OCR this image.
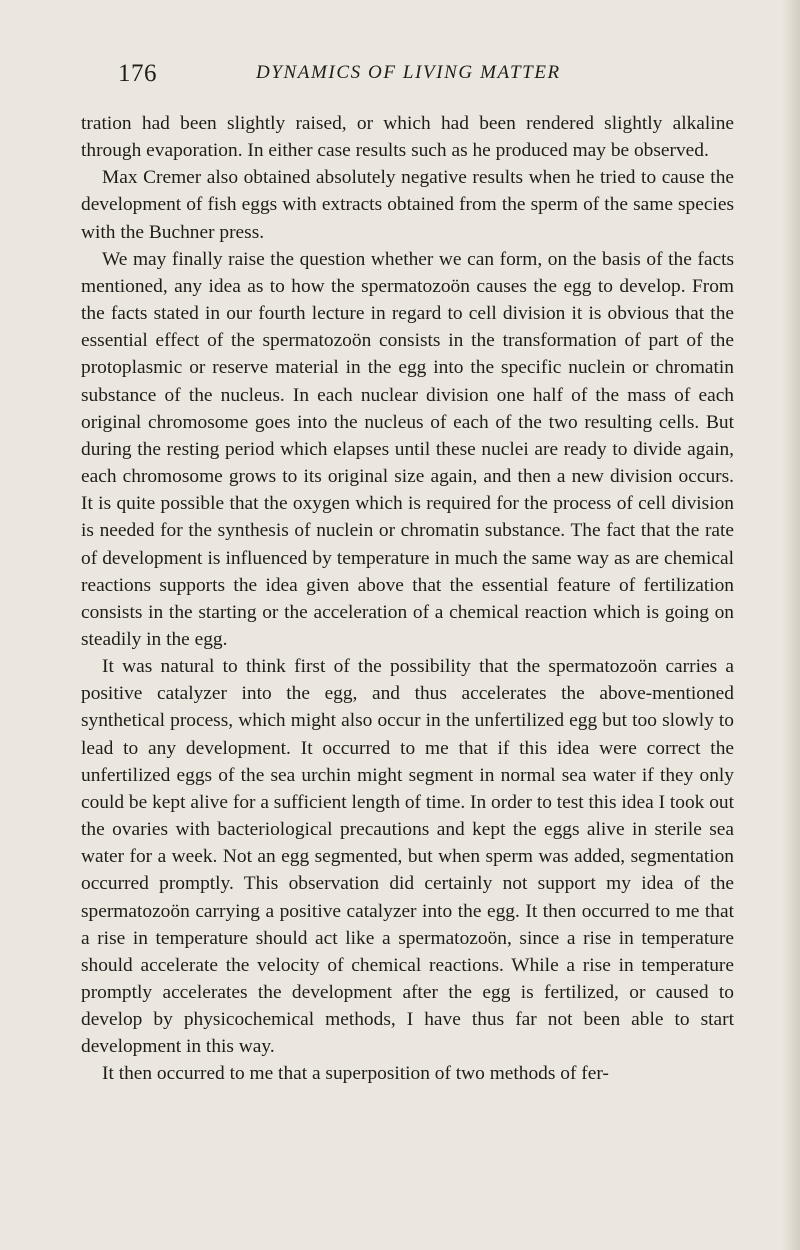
176	DYNAMICS OF LIVING MATTER

tration had been slightly raised, or which had been rendered slightly alkaline through evaporation. In either case results such as he produced may be observed.

Max Cremer also obtained absolutely negative results when he tried to cause the development of fish eggs with extracts obtained from the sperm of the same species with the Buchner press.

We may finally raise the question whether we can form, on the basis of the facts mentioned, any idea as to how the spermatozoön causes the egg to develop. From the facts stated in our fourth lecture in regard to cell division it is obvious that the essential effect of the spermatozoön consists in the transformation of part of the protoplasmic or reserve material in the egg into the specific nuclein or chromatin substance of the nucleus. In each nuclear division one half of the mass of each original chromosome goes into the nucleus of each of the two resulting cells. But during the resting period which elapses until these nuclei are ready to divide again, each chromosome grows to its original size again, and then a new division occurs. It is quite possible that the oxygen which is required for the process of cell division is needed for the synthesis of nuclein or chromatin substance. The fact that the rate of development is influenced by temperature in much the same way as are chemical reactions supports the idea given above that the essential feature of fertilization consists in the starting or the acceleration of a chemical reaction which is going on steadily in the egg.

It was natural to think first of the possibility that the spermatozoön carries a positive catalyzer into the egg, and thus accelerates the above-mentioned synthetical process, which might also occur in the unfertilized egg but too slowly to lead to any development. It occurred to me that if this idea were correct the unfertilized eggs of the sea urchin might segment in normal sea water if they only could be kept alive for a sufficient length of time. In order to test this idea I took out the ovaries with bacteriological precautions and kept the eggs alive in sterile sea water for a week. Not an egg segmented, but when sperm was added, segmentation occurred promptly. This observation did certainly not support my idea of the spermatozoön carrying a positive catalyzer into the egg. It then occurred to me that a rise in temperature should act like a spermatozoön, since a rise in temperature should accelerate the velocity of chemical reactions. While a rise in temperature promptly accelerates the development after the egg is fertilized, or caused to develop by physicochemical methods, I have thus far not been able to start development in this way.

It then occurred to me that a superposition of two methods of fer-
